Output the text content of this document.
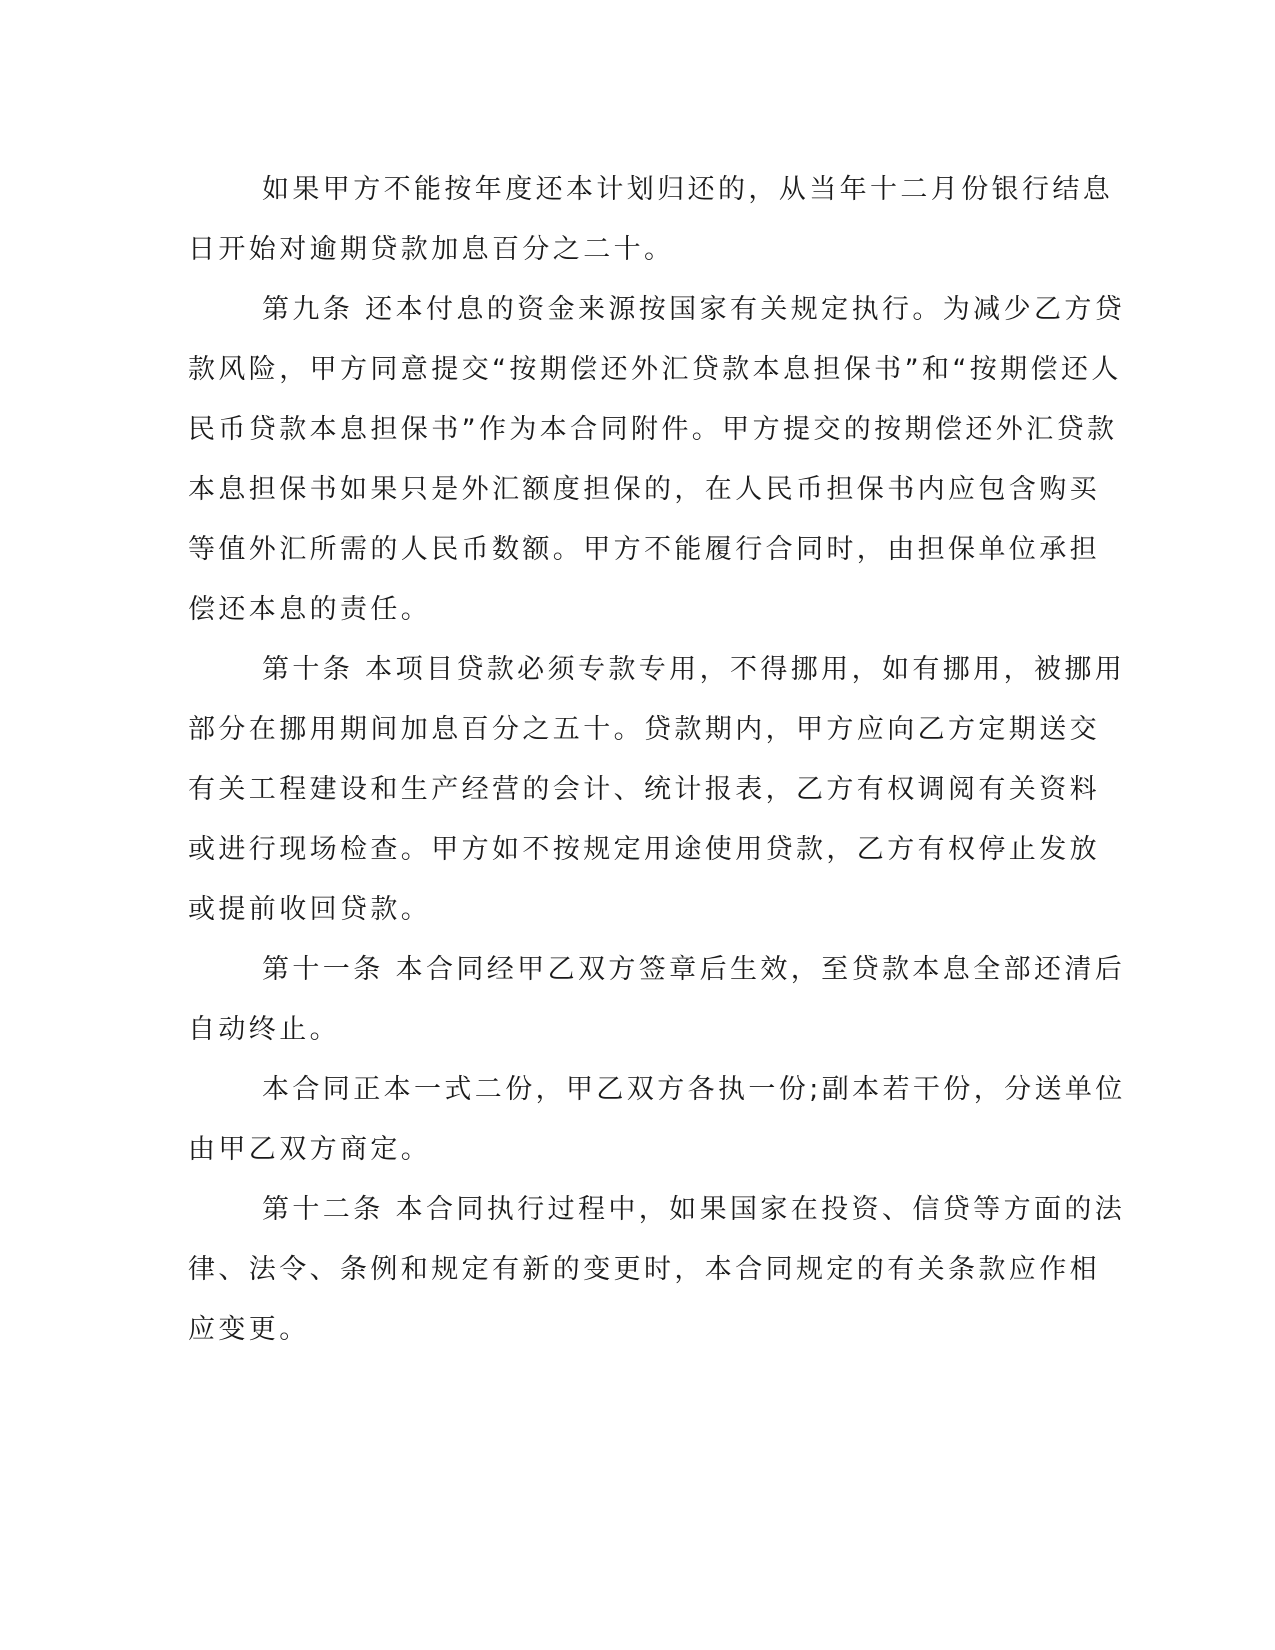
如果甲方不能按年度还本计划归还的，从当年十二月份银行结息
日开始对逾期贷款加息百分之二十。

第九条 还本付息的资金来源按国家有关规定执行。为减少乙方贷
款风险，甲方同意提交“按期偿还外汇贷款本息担保书”和“按期偿还人
民币贷款本息担保书”作为本合同附件。甲方提交的按期偿还外汇贷款
本息担保书如果只是外汇额度担保的，在人民币担保书内应包含购买
等值外汇所需的人民币数额。甲方不能履行合同时，由担保单位承担
偿还本息的责任。

第十条 本项目贷款必须专款专用，不得挪用，如有挪用，被挪用
部分在挪用期间加息百分之五十。贷款期内，甲方应向乙方定期送交
有关工程建设和生产经营的会计、统计报表，乙方有权调阅有关资料
或进行现场检查。甲方如不按规定用途使用贷款，乙方有权停止发放
或提前收回贷款。

第十一条 本合同经甲乙双方签章后生效，至贷款本息全部还清后
自动终止。

本合同正本一式二份，甲乙双方各执一份;副本若干份，分送单位
由甲乙双方商定。

第十二条 本合同执行过程中，如果国家在投资、信贷等方面的法
律、法令、条例和规定有新的变更时，本合同规定的有关条款应作相
应变更。
